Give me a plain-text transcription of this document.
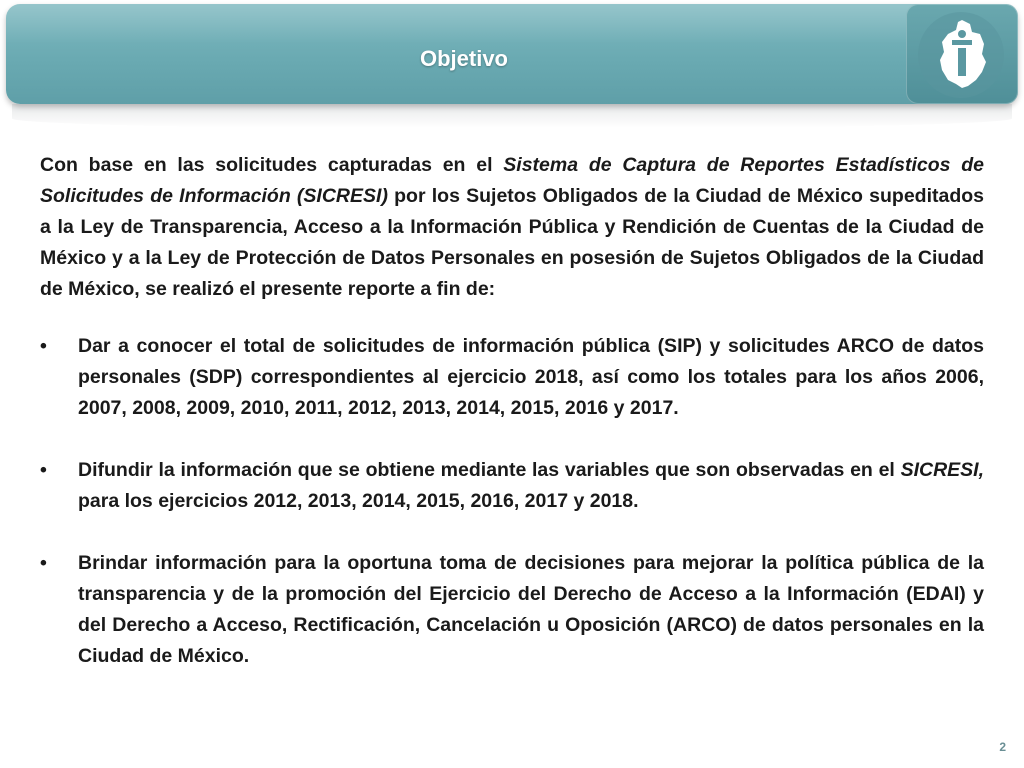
Objetivo

Con base en las solicitudes capturadas en el Sistema de Captura de Reportes Estadísticos de Solicitudes de Información (SICRESI) por los Sujetos Obligados de la Ciudad de México supeditados a la Ley de Transparencia, Acceso a la Información Pública y Rendición de Cuentas de la Ciudad de México y a la Ley de Protección de Datos Personales en posesión de Sujetos Obligados de la Ciudad de México, se realizó el presente reporte a fin de:

•	Dar a conocer el total de solicitudes de información pública (SIP) y solicitudes ARCO de datos personales (SDP) correspondientes al ejercicio 2018, así como los totales para los años 2006, 2007, 2008, 2009, 2010, 2011, 2012, 2013, 2014, 2015, 2016 y 2017.
•	Difundir la información que se obtiene mediante las variables que son observadas en el SICRESI, para los ejercicios 2012, 2013, 2014, 2015, 2016, 2017 y 2018.
•	Brindar información para la oportuna toma de decisiones para mejorar la política pública de la transparencia y de la promoción del Ejercicio del Derecho de Acceso a la Información (EDAI) y del Derecho a Acceso, Rectificación, Cancelación u Oposición (ARCO) de datos personales en la Ciudad de México.
2
